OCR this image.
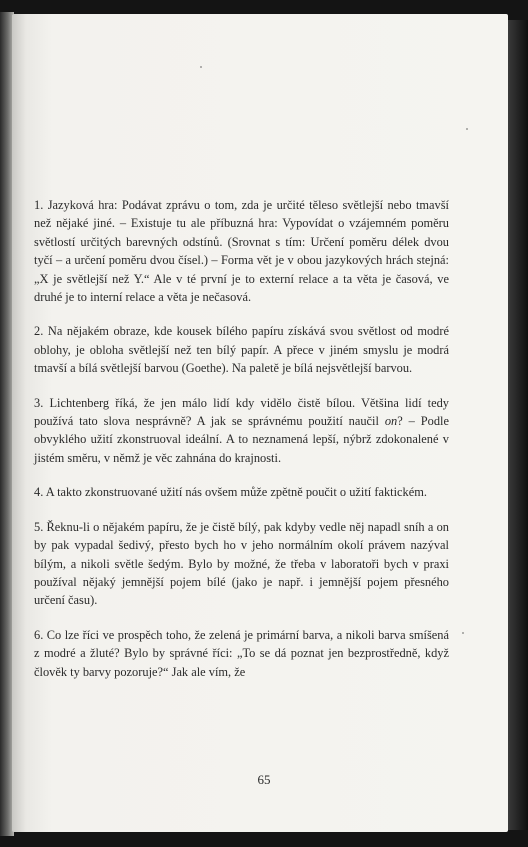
1. Jazyková hra: Podávat zprávu o tom, zda je určité těleso světlejší nebo tmavší než nějaké jiné. – Existuje tu ale příbuzná hra: Vypovídat o vzájemném poměru světlostí určitých barevných odstínů. (Srovnat s tím: Určení poměru délek dvou tyčí – a určení poměru dvou čísel.) – Forma vět je v obou jazykových hrách stejná: „X je světlejší než Y.“ Ale v té první je to externí relace a ta věta je časová, ve druhé je to interní relace a věta je nečasová.

2. Na nějakém obraze, kde kousek bílého papíru získává svou světlost od modré oblohy, je obloha světlejší než ten bílý papír. A přece v jiném smyslu je modrá tmavší a bílá světlejší barvou (Goethe). Na paletě je bílá nejsvětlejší barvou.

3. Lichtenberg říká, že jen málo lidí kdy vidělo čistě bílou. Většina lidí tedy používá tato slova nesprávně? A jak se správnému použití naučil on? – Podle obvyklého užití zkonstruoval ideální. A to neznamená lepší, nýbrž zdokonalené v jistém směru, v němž je věc zahnána do krajnosti.

4. A takto zkonstruované užití nás ovšem může zpětně poučit o užití faktickém.

5. Řeknu-li o nějakém papíru, že je čistě bílý, pak kdyby vedle něj napadl sníh a on by pak vypadal šedivý, přesto bych ho v jeho normálním okolí právem nazýval bílým, a nikoli světle šedým. Bylo by možné, že třeba v laboratoři bych v praxi používal nějaký jemnější pojem bílé (jako je např. i jemnější pojem přesného určení času).

6. Co lze říci ve prospěch toho, že zelená je primární barva, a nikoli barva smíšená z modré a žluté? Bylo by správné říci: „To se dá poznat jen bezprostředně, když člověk ty barvy pozoruje?“ Jak ale vím, že

65
